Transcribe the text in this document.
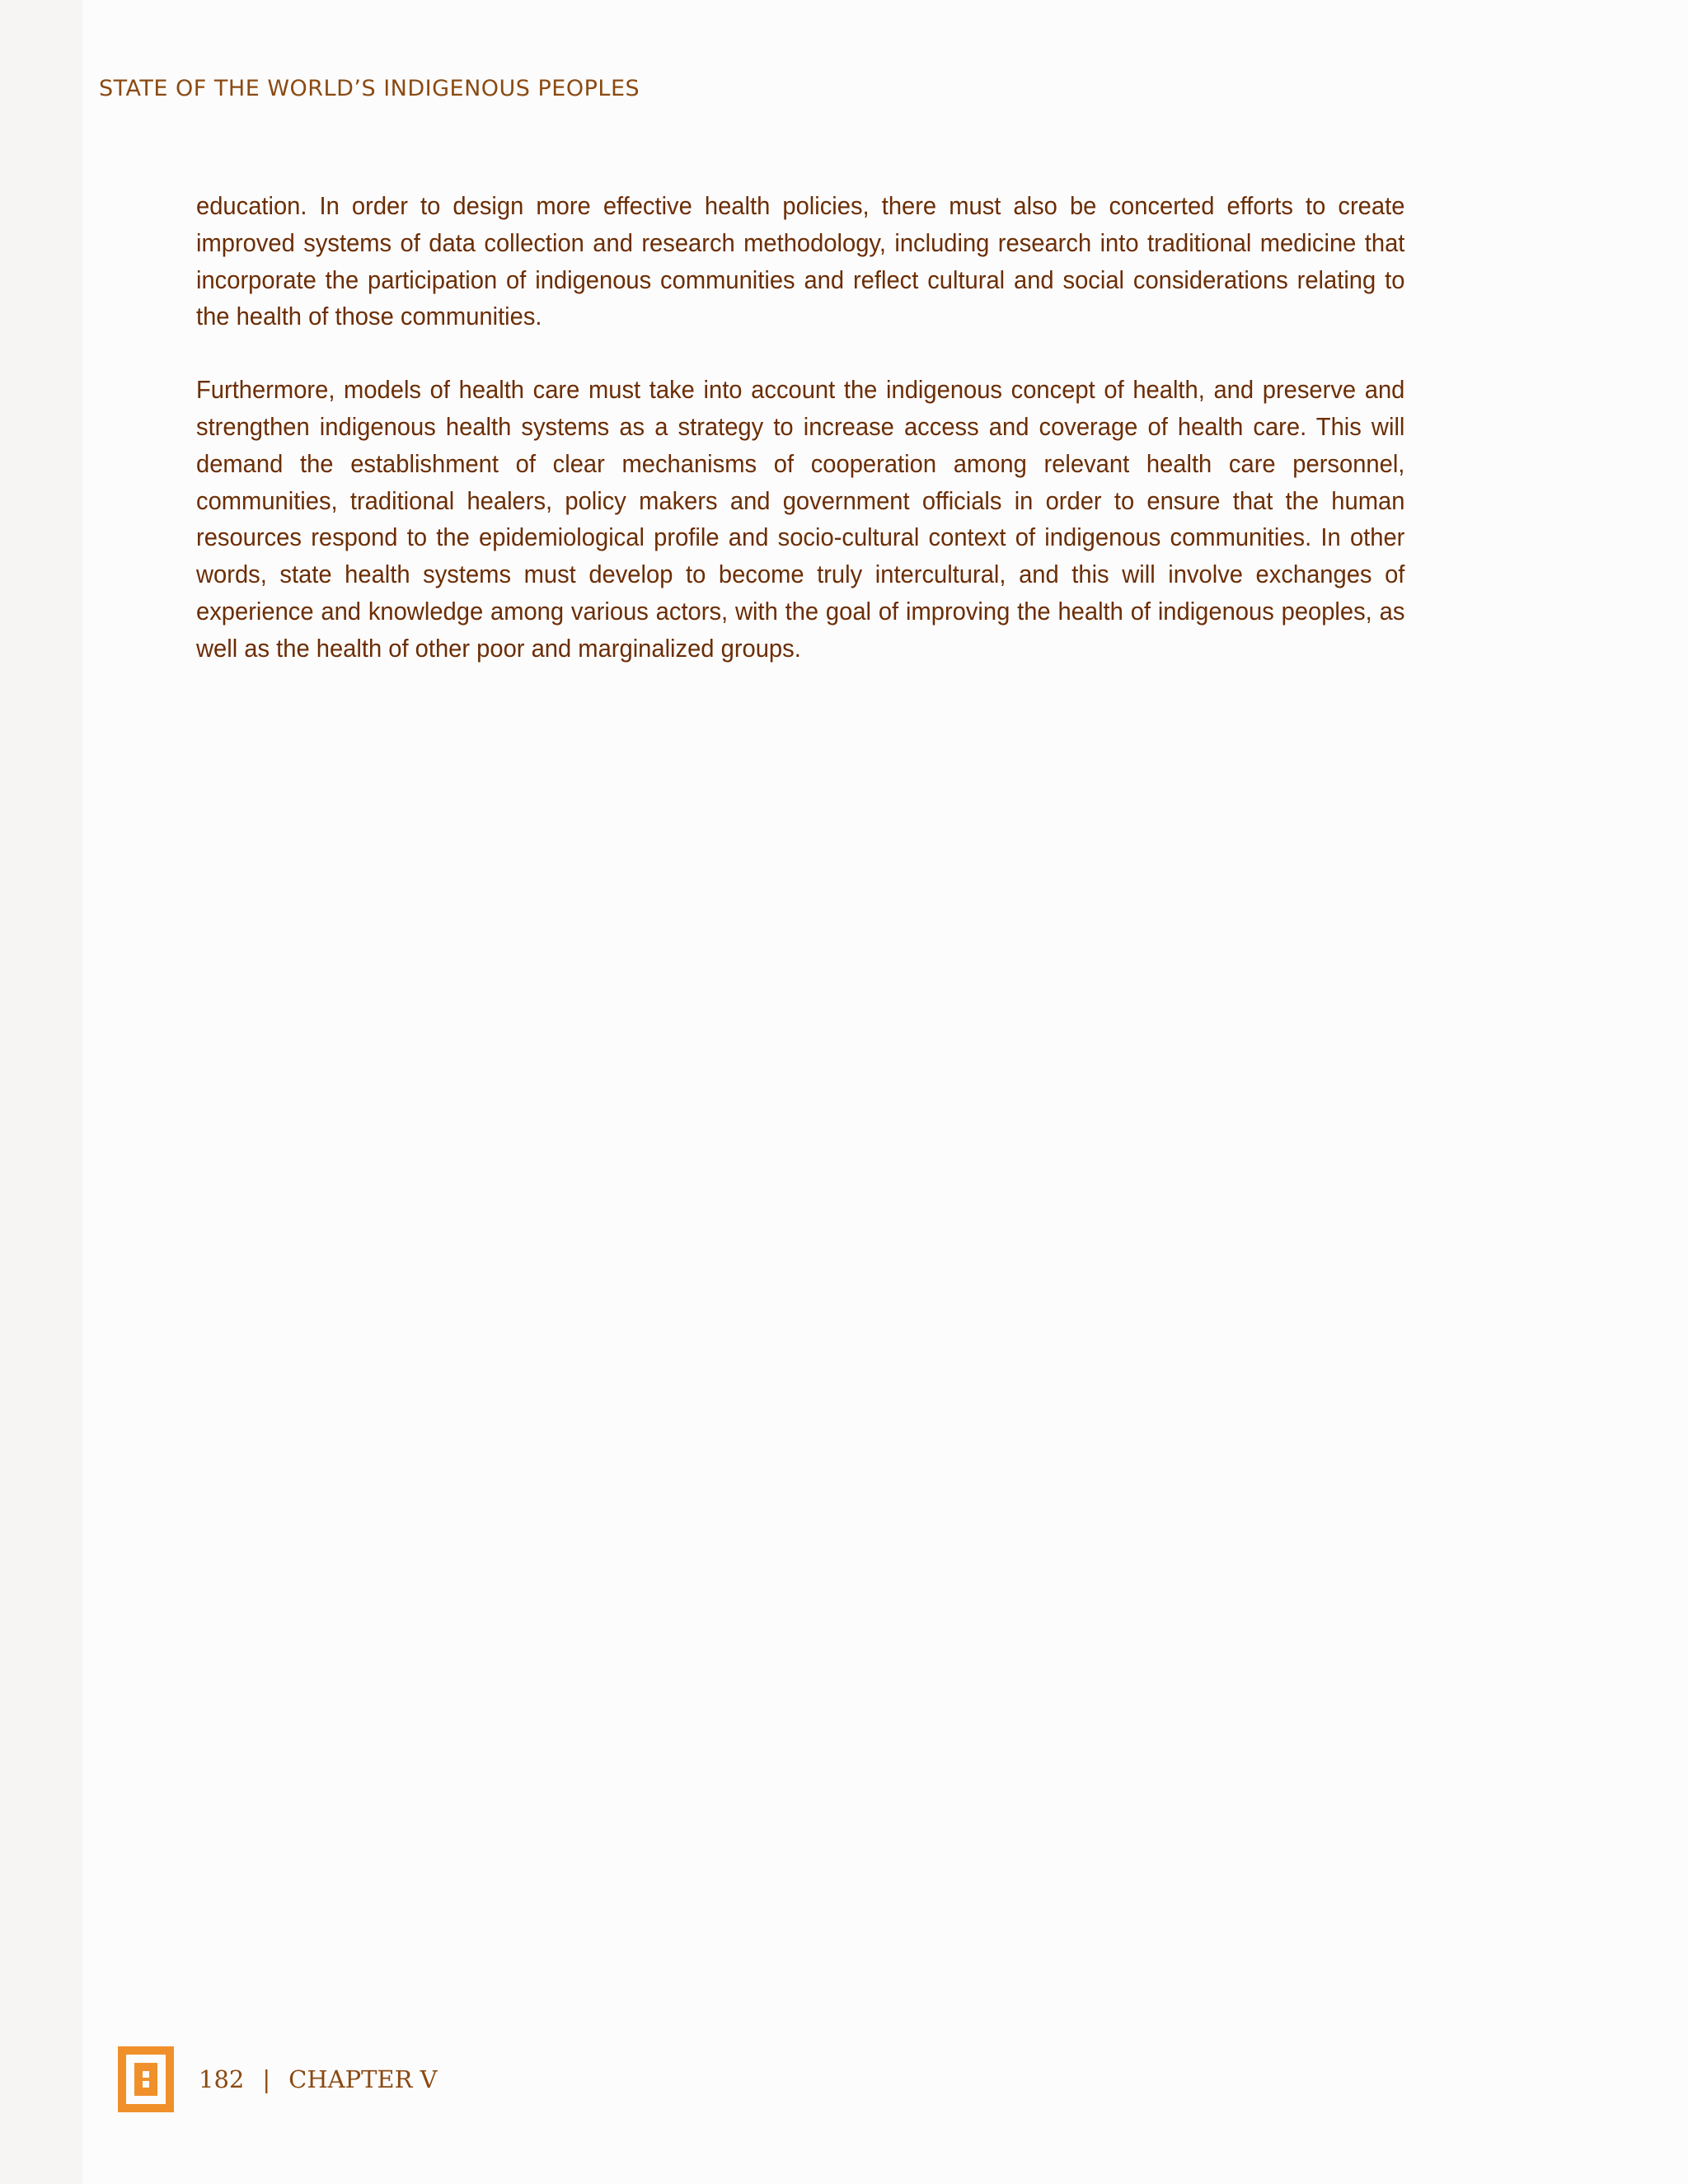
STATE OF THE WORLD’S INDIGENOUS PEOPLES

education. In order to design more effective health policies, there must also be concerted efforts to create improved systems of data collection and research methodology, including research into traditional medicine that incorporate the participation of indigenous communities and reflect cultural and social considerations relating to the health of those communities.

Furthermore, models of health care must take into account the indigenous concept of health, and preserve and strengthen indigenous health systems as a strategy to increase access and coverage of health care. This will demand the establishment of clear mechanisms of cooperation among relevant health care personnel, communities, traditional healers, policy makers and government officials in order to ensure that the human resources respond to the epidemiological profile and socio-cultural context of indigenous communities. In other words, state health systems must develop to become truly intercultural, and this will involve exchanges of experience and knowledge among various actors, with the goal of improving the health of indigenous peoples, as well as the health of other poor and marginalized groups.

182 | CHAPTER V
